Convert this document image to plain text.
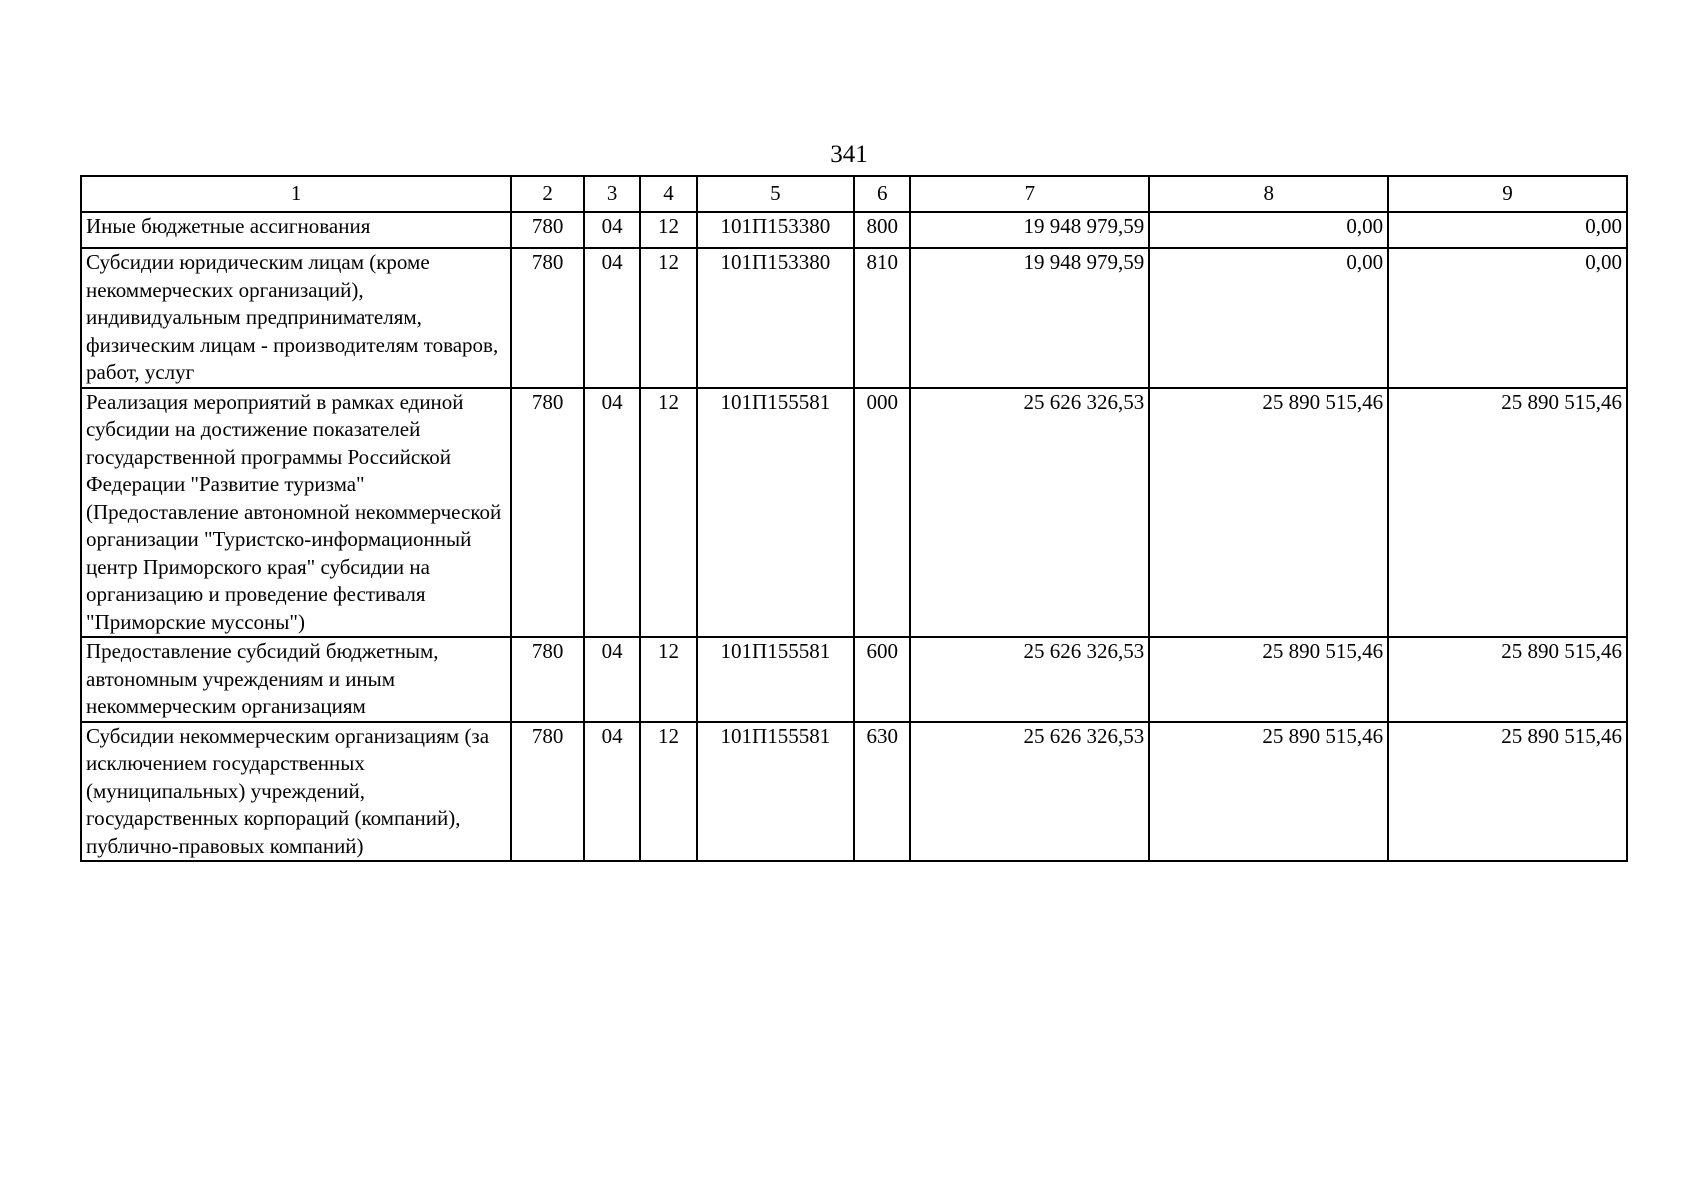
341
1	2	3	4	5	6	7	8	9
Иные бюджетные ассигнования	780	04	12	101П153380	800	19 948 979,59	0,00	0,00
Субсидии юридическим лицам (кроме некоммерческих организаций), индивидуальным предпринимателям, физическим лицам - производителям товаров, работ, услуг	780	04	12	101П153380	810	19 948 979,59	0,00	0,00
Реализация мероприятий в рамках единой субсидии на достижение показателей государственной программы Российской Федерации "Развитие туризма" (Предоставление автономной некоммерческой организации "Туристско-информационный центр Приморского края" субсидии на организацию и проведение фестиваля "Приморские муссоны")	780	04	12	101П155581	000	25 626 326,53	25 890 515,46	25 890 515,46
Предоставление субсидий бюджетным, автономным учреждениям и иным некоммерческим организациям	780	04	12	101П155581	600	25 626 326,53	25 890 515,46	25 890 515,46
Субсидии некоммерческим организациям (за исключением государственных (муниципальных) учреждений, государственных корпораций (компаний), публично-правовых компаний)	780	04	12	101П155581	630	25 626 326,53	25 890 515,46	25 890 515,46
